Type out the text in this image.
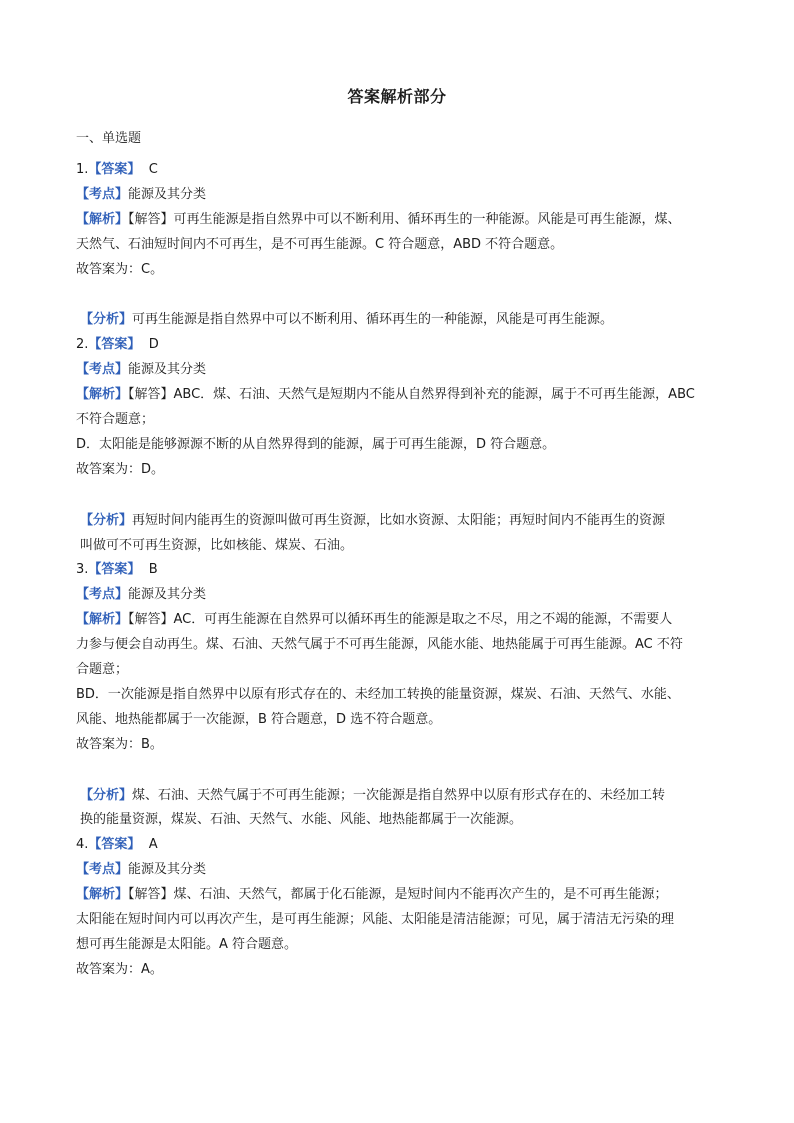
答案解析部分
一、单选题
1.【答案】 C
【考点】能源及其分类
【解析】【解答】可再生能源是指自然界中可以不断利用、循环再生的一种能源。风能是可再生能源，煤、
天然气、石油短时间内不可再生，是不可再生能源。C 符合题意，ABD 不符合题意。
故答案为：C。
【分析】可再生能源是指自然界中可以不断利用、循环再生的一种能源，风能是可再生能源。
2.【答案】 D
【考点】能源及其分类
【解析】【解答】ABC．煤、石油、天然气是短期内不能从自然界得到补充的能源，属于不可再生能源，ABC
不符合题意；
D．太阳能是能够源源不断的从自然界得到的能源，属于可再生能源，D 符合题意。
故答案为：D。
【分析】再短时间内能再生的资源叫做可再生资源，比如水资源、太阳能；再短时间内不能再生的资源
叫做可不可再生资源，比如核能、煤炭、石油。
3.【答案】 B
【考点】能源及其分类
【解析】【解答】AC．可再生能源在自然界可以循环再生的能源是取之不尽，用之不竭的能源，不需要人
力参与便会自动再生。煤、石油、天然气属于不可再生能源，风能水能、地热能属于可再生能源。AC 不符
合题意；
BD．一次能源是指自然界中以原有形式存在的、未经加工转换的能量资源，煤炭、石油、天然气、水能、
风能、地热能都属于一次能源，B 符合题意，D 选不符合题意。
故答案为：B。
【分析】煤、石油、天然气属于不可再生能源；一次能源是指自然界中以原有形式存在的、未经加工转
换的能量资源，煤炭、石油、天然气、水能、风能、地热能都属于一次能源。
4.【答案】 A
【考点】能源及其分类
【解析】【解答】煤、石油、天然气，都属于化石能源，是短时间内不能再次产生的，是不可再生能源；
太阳能在短时间内可以再次产生，是可再生能源；风能、太阳能是清洁能源；可见，属于清洁无污染的理
想可再生能源是太阳能。A 符合题意。
故答案为：A。
